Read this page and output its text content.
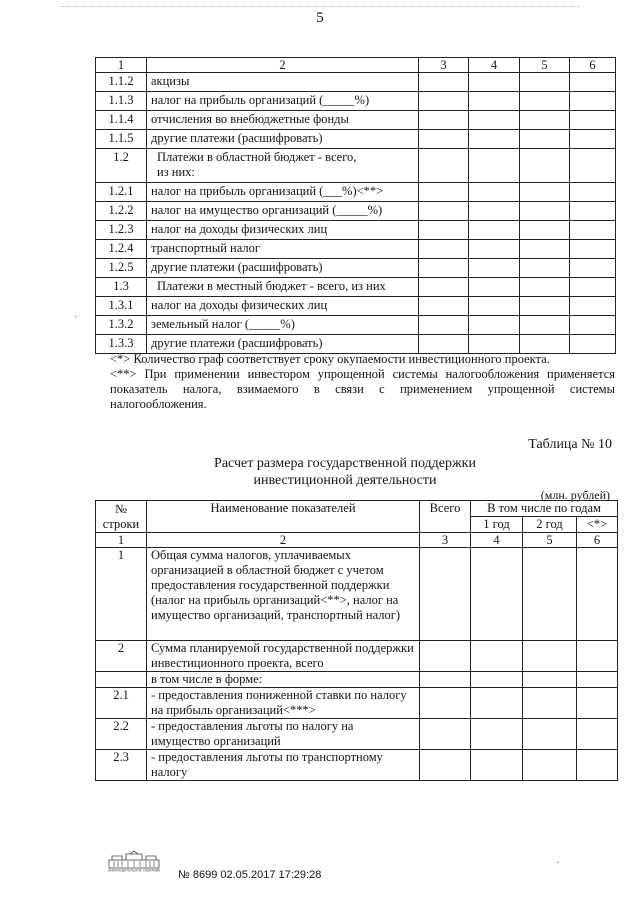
5
1	2	3	4	5	6
1.1.2	акцизы				
1.1.3	налог на прибыль организаций (_____%)				
1.1.4	отчисления во внебюджетные фонды				
1.1.5	другие платежи (расшифровать)				
1.2	Платежи в областной бюджет - всего,
из них:				

1.2.1	налог на прибыль организаций (___%)<**>				
1.2.2	налог на имущество организаций (_____%)				
1.2.3	налог на доходы физических лиц				
1.2.4	транспортный налог				
1.2.5	другие платежи (расшифровать)				
1.3	Платежи в местный бюджет - всего, из них				
1.3.1	налог на доходы физических лиц				
1.3.2	земельный налог (_____%)				
1.3.3	другие платежи (расшифровать)				

<*> Количество граф соответствует сроку окупаемости инвестиционного проекта.

<**> При применении инвестором упрощенной системы налогообложения применяется показатель налога, взимаемого в связи с применением упрощенной системы налогообложения.

Таблица № 10
Расчет размера государственной поддержки
инвестиционной деятельности
(млн. рублей)
№
строки	Наименование показателей	Всего	В том числе по годам		
			1 год	2 год	<*>
1	2	3	4	5	6
1	Общая сумма налогов, уплачиваемых организацией в областной бюджет с учетом предоставления государственной поддержки (налог на прибыль организаций<**>, налог на имущество организаций, транспортный налог)				
2	Сумма планируемой государственной поддержки инвестиционного проекта, всего				
	в том числе в форме:				
2.1	- предоставления пониженной ставки по налогу на прибыль организаций<***>				
2.2	- предоставления льготы по налогу на имущество организаций				
2.3	- предоставления льготы по транспортному налогу				
ЗАКОНОДАТЕЛЬНОЕ СОБРАНИЕ № 8699 02.05.2017 17:29:28
·
·
